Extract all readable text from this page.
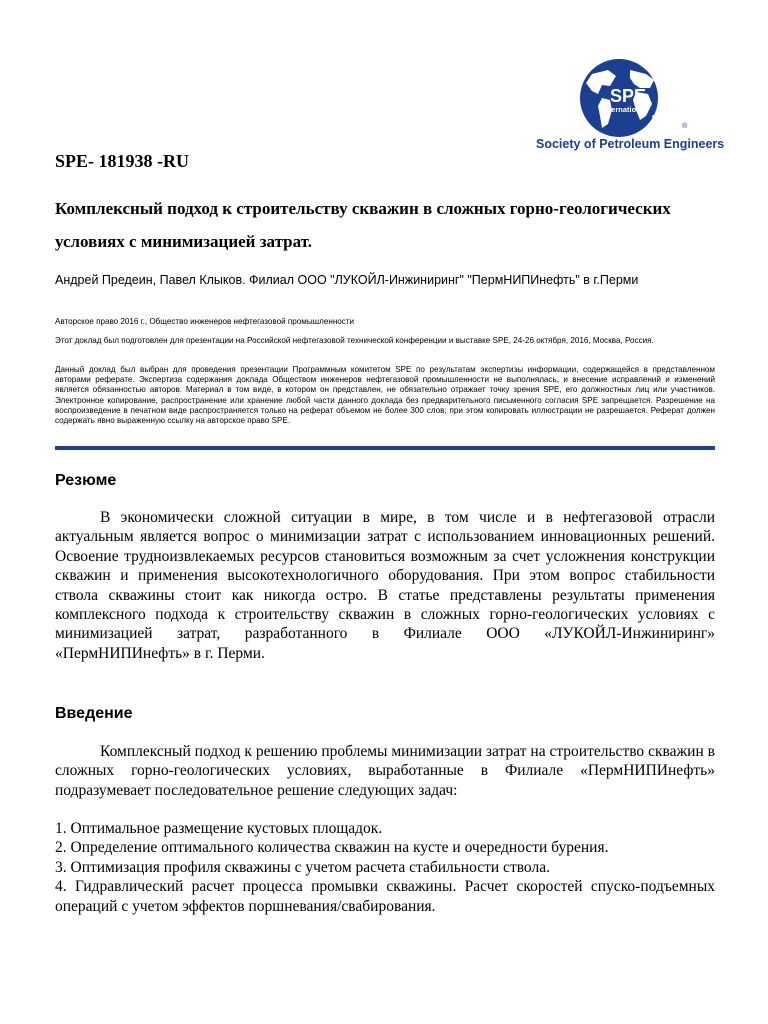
SPE
International
®
Society of Petroleum Engineers
SPE- 181938 -RU
Комплексный подход к строительству скважин в сложных горно-геологических условиях с минимизацией затрат.
Андрей Предеин, Павел Клыков. Филиал ООО "ЛУКОЙЛ-Инжиниринг" "ПермНИПИнефть" в г.Перми
Авторское право 2016 г., Общество инженеров нефтегазовой промышленности
Этот доклад был подготовлен для презентации на Российской нефтегазовой технической конференции и выставке SPE, 24-26 октября, 2016, Москва, Россия.
Данный доклад был выбран для проведения презентации Программным комитетом SPE по результатам экспертизы информации, содержащейся в представленном авторами реферате. Экспертиза содержания доклада Обществом инженеров нефтегазовой промышленности не выполнялась, и внесение исправлений и изменений является обязанностью авторов. Материал в том виде, в котором он представлен, не обязательно отражает точку зрения SPE, его должностных лиц или участников. Электронное копирование, распространение или хранение любой части данного доклада без предварительного письменного согласия SPE запрещается. Разрешение на воспроизведение в печатном виде распространяется только на реферат объемом не более 300 слов; при этом копировать иллюстрации не разрешается. Реферат должен содержать явно выраженную ссылку на авторское право SPE.
Резюме

В экономически сложной ситуации в мире, в том числе и в нефтегазовой отрасли актуальным является вопрос о минимизации затрат с использованием инновационных решений. Освоение трудноизвлекаемых ресурсов становиться возможным за счет усложнения конструкции скважин и применения высокотехнологичного оборудования. При этом вопрос стабильности ствола скважины стоит как никогда остро. В статье представлены результаты применения комплексного подхода к строительству скважин в сложных горно-геологических условиях с минимизацией затрат, разработанного в Филиале ООО «ЛУКОЙЛ-Инжиниринг» «ПермНИПИнефть» в г. Перми.

Введение

Комплексный подход к решению проблемы минимизации затрат на строительство скважин в сложных горно-геологических условиях, выработанные в Филиале «ПермНИПИнефть» подразумевает последовательное решение следующих задач:

1. Оптимальное размещение кустовых площадок.
2. Определение оптимального количества скважин на кусте и очередности бурения.
3. Оптимизация профиля скважины с учетом расчета стабильности ствола.
4. Гидравлический расчет процесса промывки скважины. Расчет скоростей спуско-подъемных операций с учетом эффектов поршневания/свабирования.
